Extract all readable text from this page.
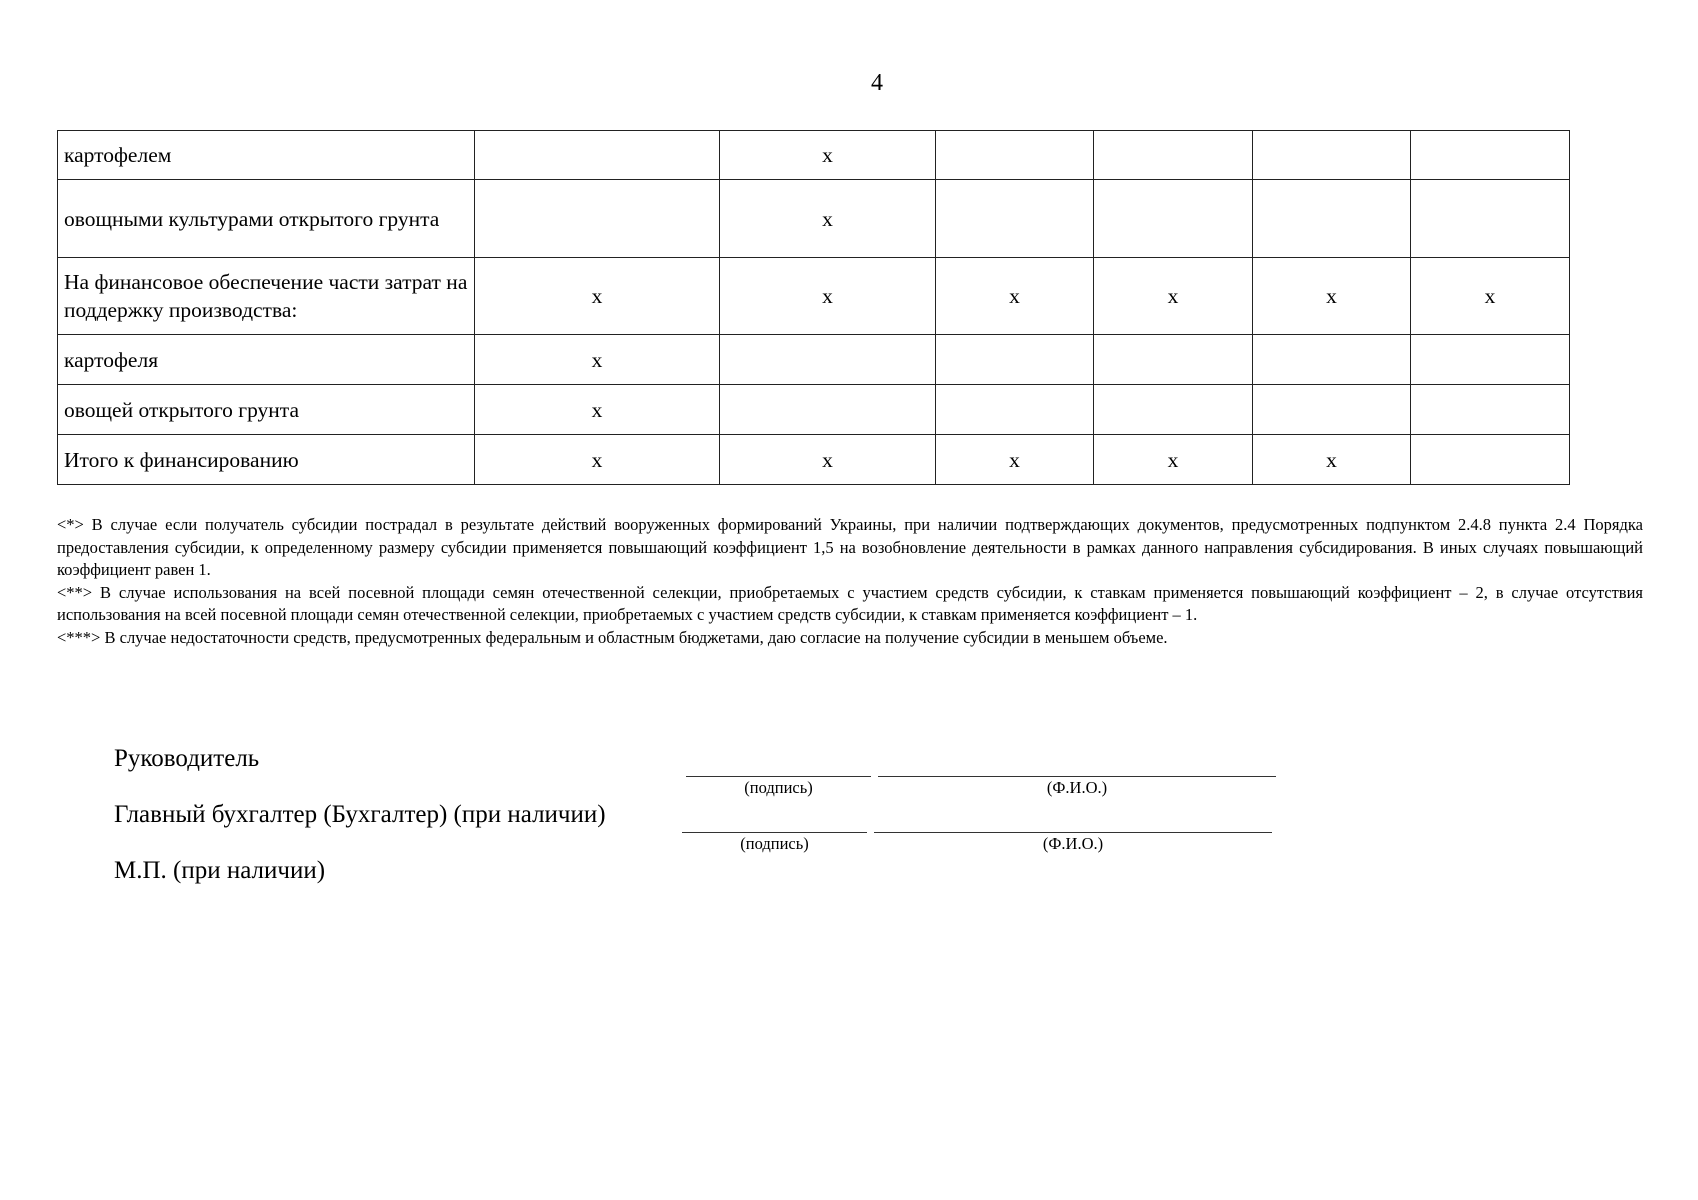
4
картофелем		x				
овощными культурами открытого грунта		x				
На финансовое обеспечение части затрат на поддержку производства:	x	x	x	x	x	x
картофеля	x					
овощей открытого грунта	x					
Итого к финансированию	x	x	x	x	x	

<*> В случае если получатель субсидии пострадал в результате действий вооруженных формирований Украины, при наличии подтверждающих документов, предусмотренных подпунктом 2.4.8 пункта 2.4 Порядка предоставления субсидии, к определенному размеру субсидии применяется повышающий коэффициент 1,5 на возобновление деятельности в рамках данного направления субсидирования. В иных случаях повышающий коэффициент равен 1.

<**> В случае использования на всей посевной площади семян отечественной селекции, приобретаемых с участием средств субсидии, к ставкам применяется повышающий коэффициент – 2, в случае отсутствия использования на всей посевной площади семян отечественной селекции, приобретаемых с участием средств субсидии, к ставкам применяется коэффициент – 1.

<***> В случае недостаточности средств, предусмотренных федеральным и областным бюджетами, даю согласие на получение субсидии в меньшем объеме.

Руководитель
(подпись)	(Ф.И.О.)
Главный бухгалтер (Бухгалтер) (при наличии)
(подпись)	(Ф.И.О.)
М.П. (при наличии)
